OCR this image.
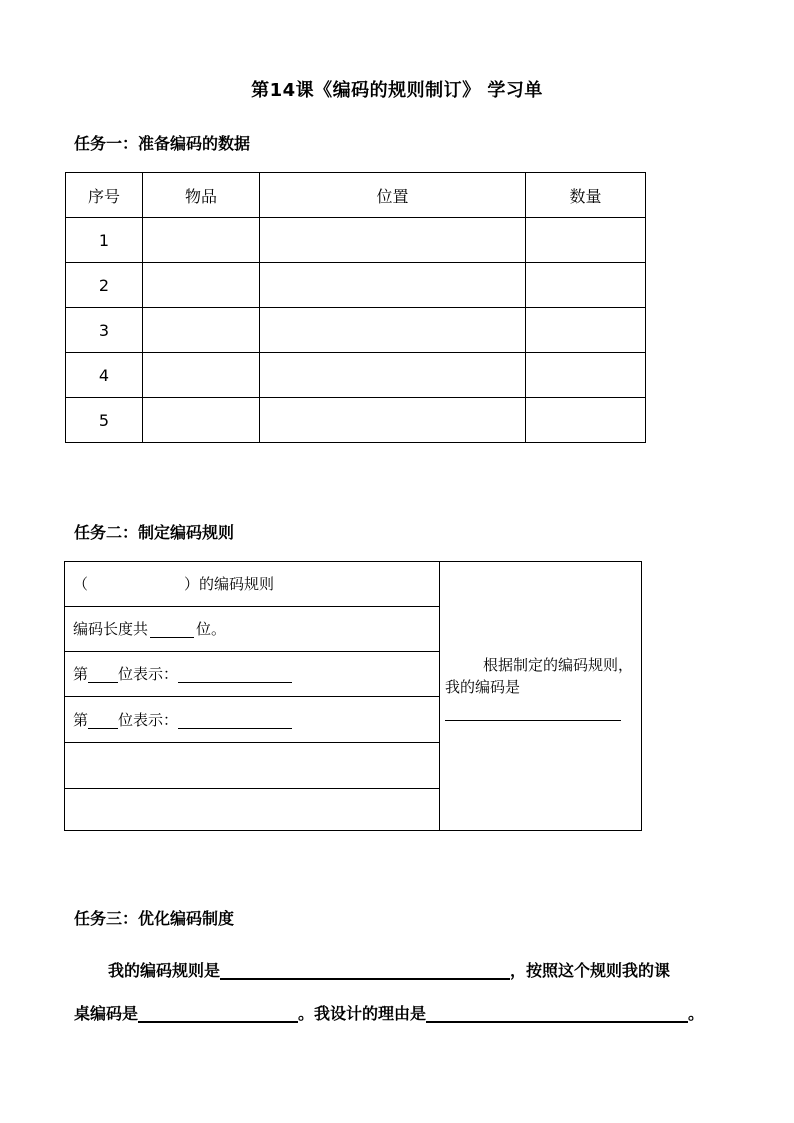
第14课《编码的规则制订》 学习单
任务一：准备编码的数据
序号	物品	位置	数量
1			
2			
3			
4			
5			
任务二：制定编码规则
（	）的编码规则
编码长度共	位。
第 位表示：
第 位表示：
根据制定的编码规则，我的编码是
任务三：优化编码制度
我的编码规则是	，按照这个规则我的课
桌编码是	。我设计的理由是	。
